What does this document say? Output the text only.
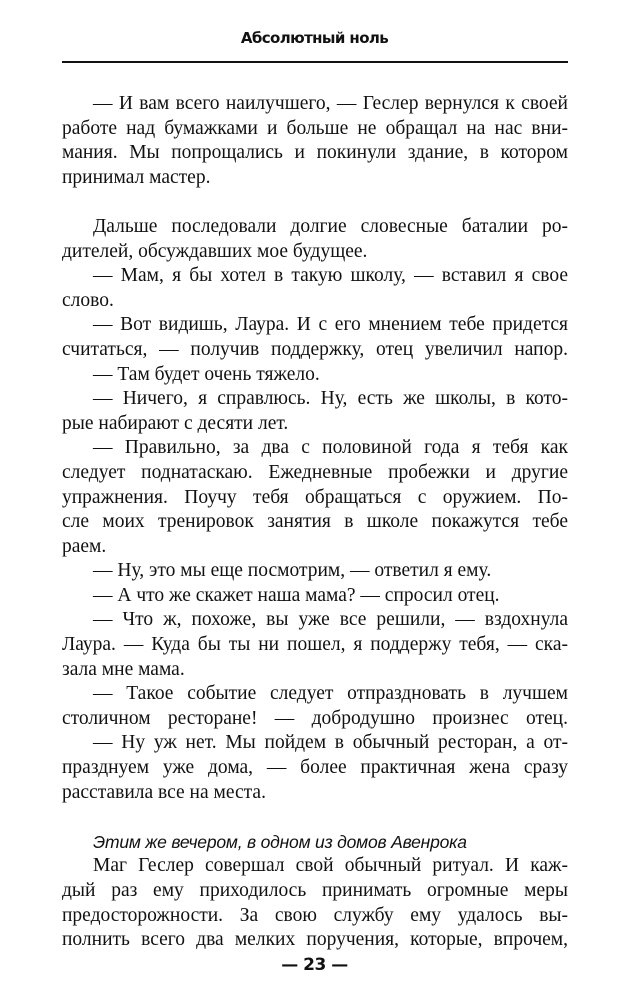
Абсолютный ноль
— И вам всего наилучшего, — Геслер вернулся к своей
работе над бумажками и больше не обращал на нас вни-
мания. Мы попрощались и покинули здание, в котором
принимал мастер.
Дальше последовали долгие словесные баталии ро-
дителей, обсуждавших мое будущее.
— Мам, я бы хотел в такую школу, — вставил я свое
слово.
— Вот видишь, Лаура. И с его мнением тебе придется
считаться, — получив поддержку, отец увеличил напор.
— Там будет очень тяжело.
— Ничего, я справлюсь. Ну, есть же школы, в кото-
рые набирают с десяти лет.
— Правильно, за два с половиной года я тебя как
следует поднатаскаю. Ежедневные пробежки и другие
упражнения. Поучу тебя обращаться с оружием. По-
сле моих тренировок занятия в школе покажутся тебе
раем.
— Ну, это мы еще посмотрим, — ответил я ему.
— А что же скажет наша мама? — спросил отец.
— Что ж, похоже, вы уже все решили, — вздохнула
Лаура. — Куда бы ты ни пошел, я поддержу тебя, — ска-
зала мне мама.
— Такое событие следует отпраздновать в лучшем
столичном ресторане! — добродушно произнес отец.
— Ну уж нет. Мы пойдем в обычный ресторан, а от-
празднуем уже дома, — более практичная жена сразу
расставила все на места.
Этим же вечером, в одном из домов Авенрока
Маг Геслер совершал свой обычный ритуал. И каж-
дый раз ему приходилось принимать огромные меры
предосторожности. За свою службу ему удалось вы-
полнить всего два мелких поручения, которые, впрочем,
— 23 —
